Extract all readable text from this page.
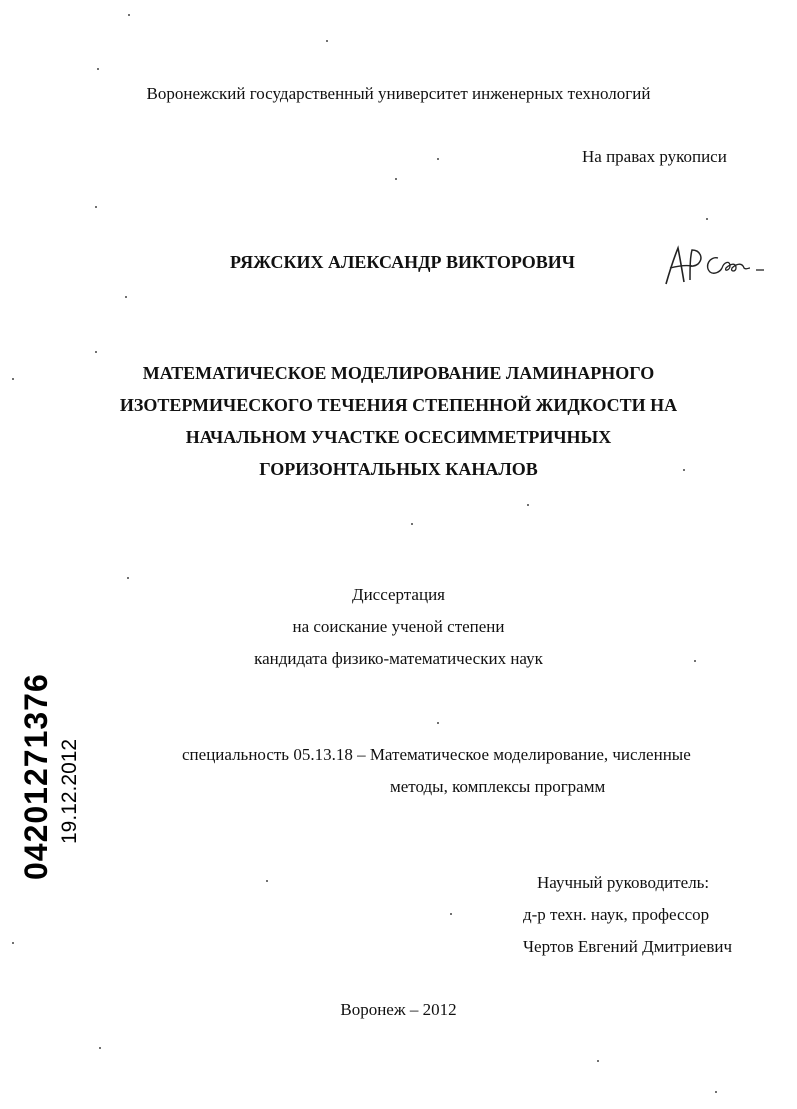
Воронежский государственный университет инженерных технологий
На правах рукописи
РЯЖСКИХ АЛЕКСАНДР ВИКТОРОВИЧ
МАТЕМАТИЧЕСКОЕ МОДЕЛИРОВАНИЕ ЛАМИНАРНОГО
ИЗОТЕРМИЧЕСКОГО ТЕЧЕНИЯ СТЕПЕННОЙ ЖИДКОСТИ НА
НАЧАЛЬНОМ УЧАСТКЕ ОСЕСИММЕТРИЧНЫХ
ГОРИЗОНТАЛЬНЫХ КАНАЛОВ
Диссертация
на соискание ученой степени
кандидата физико-математических наук
специальность 05.13.18 – Математическое моделирование, численные
методы, комплексы программ
Научный руководитель:
д-р техн. наук, профессор
Чертов Евгений Дмитриевич
Воронеж – 2012
04201271376 19.12.2012
